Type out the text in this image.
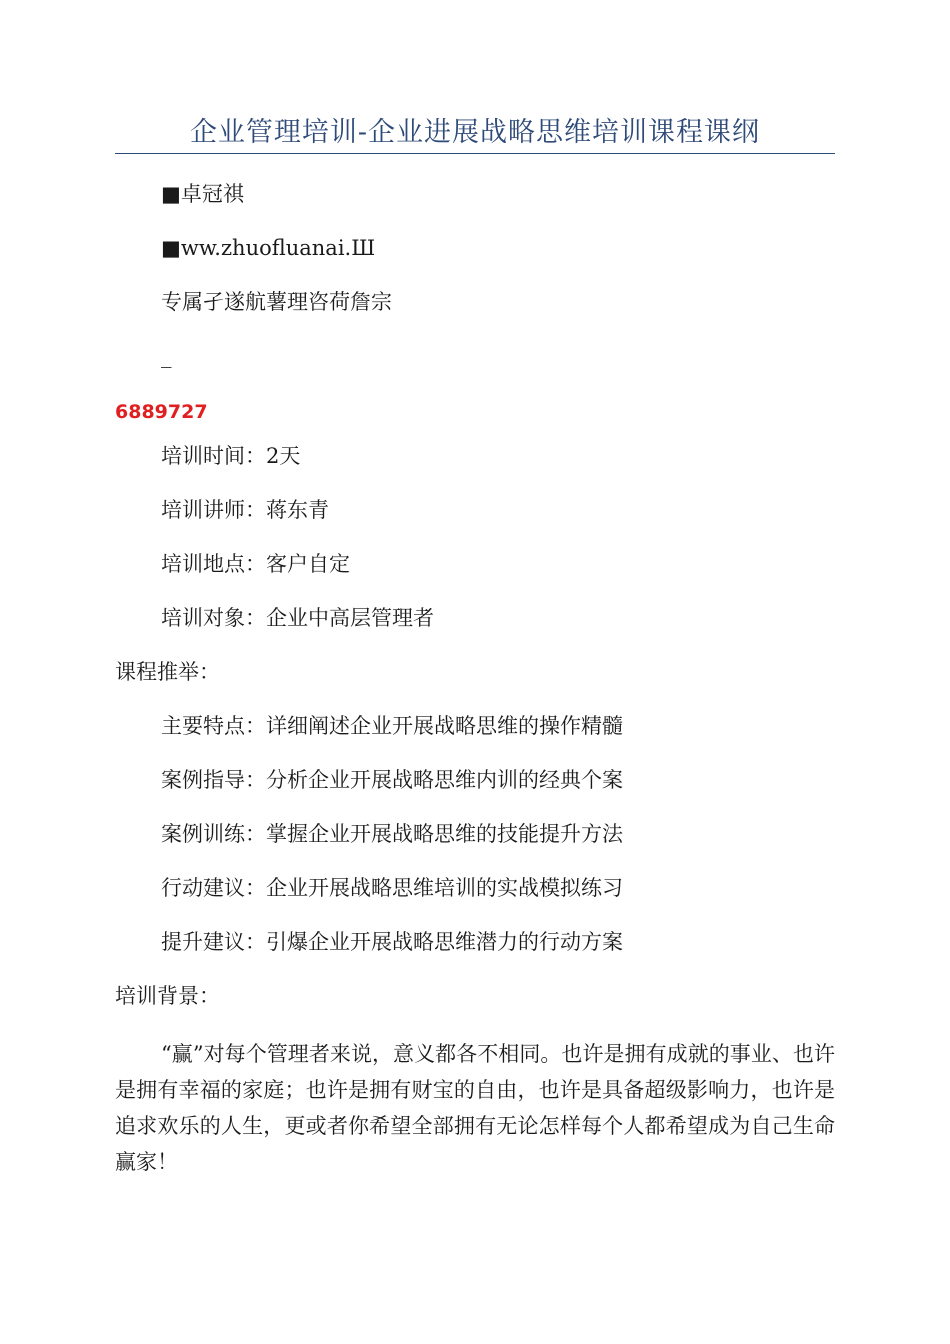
企业管理培训-企业进展战略思维培训课程课纲
■卓冠祺
■ww.zhuofluanai.Ш
专属孑遂航薯理咨荷詹宗
_
6889727
培训时间：2天
培训讲师：蒋东青
培训地点：客户自定
培训对象：企业中高层管理者
课程推举：
主要特点：详细阐述企业开展战略思维的操作精髓
案例指导：分析企业开展战略思维内训的经典个案
案例训练：掌握企业开展战略思维的技能提升方法
行动建议：企业开展战略思维培训的实战模拟练习
提升建议：引爆企业开展战略思维潜力的行动方案
培训背景：
“赢”对每个管理者来说，意义都各不相同。也许是拥有成就的事业、也许是拥有幸福的家庭；也许是拥有财宝的自由，也许是具备超级影响力，也许是追求欢乐的人生，更或者你希望全部拥有无论怎样每个人都希望成为自己生命赢家！
